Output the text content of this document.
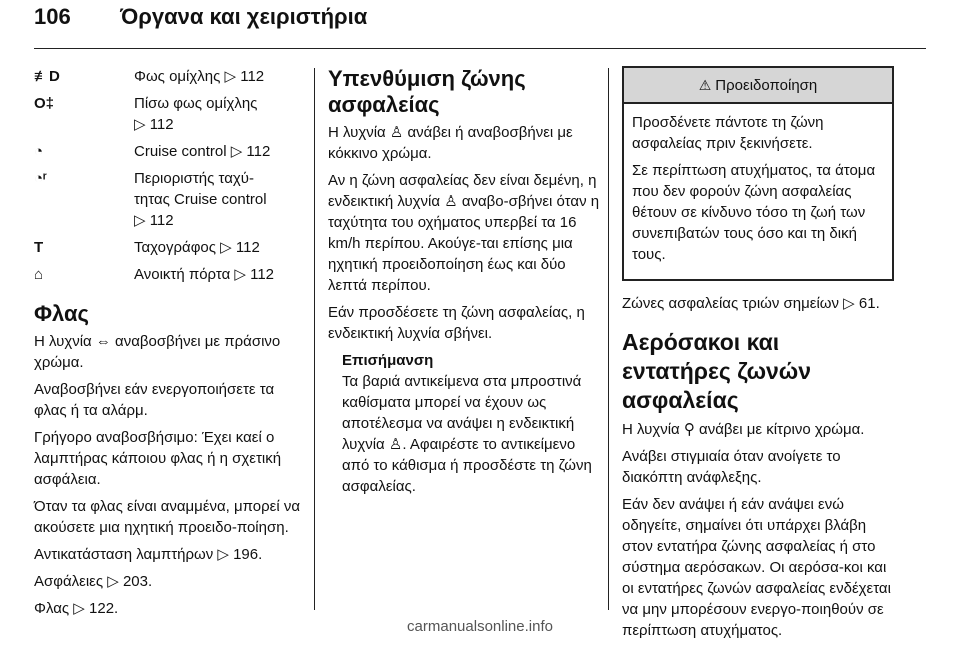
106 Όργανα και χειριστήρια
≢D	Φως ομίχλης ▷ 112
O‡	Πίσω φως ομίχλης
▷ 112
◔	Cruise control ▷ 112
◔ʳ	Περιοριστής ταχύ-
τητας Cruise control
▷ 112
T	Ταχογράφος ▷ 112
⌂	Ανοικτή πόρτα ▷ 112
Φλας

Η λυχνία ⇔ αναβοσβήνει με πράσινο χρώμα.

Αναβοσβήνει εάν ενεργοποιήσετε τα φλας ή τα αλάρμ.

Γρήγορο αναβοσβήσιμο: Έχει καεί ο λαμπτήρας κάποιου φλας ή η σχετική ασφάλεια.

Όταν τα φλας είναι αναμμένα, μπορεί να ακούσετε μια ηχητική προειδο-ποίηση.

Αντικατάσταση λαμπτήρων ▷ 196.

Ασφάλειες ▷ 203.

Φλας ▷ 122.

Υπενθύμιση ζώνης ασφαλείας

Η λυχνία ♙ ανάβει ή αναβοσβήνει με κόκκινο χρώμα.

Αν η ζώνη ασφαλείας δεν είναι δεμένη, η ενδεικτική λυχνία ♙ αναβο-σβήνει όταν η ταχύτητα του οχήματος υπερβεί τα 16 km/h περίπου. Ακούγε-ται επίσης μια ηχητική προειδοποίηση έως και δύο λεπτά περίπου.

Εάν προσδέσετε τη ζώνη ασφαλείας, η ενδεικτική λυχνία σβήνει.

Επισήμανση
Τα βαριά αντικείμενα στα μπροστινά καθίσματα μπορεί να έχουν ως αποτέλεσμα να ανάψει η ενδεικτική λυχνία ♙. Αφαιρέστε το αντικείμενο από το κάθισμα ή προσδέστε τη ζώνη ασφαλείας.
⚠ Προειδοποίηση

Προσδένετε πάντοτε τη ζώνη ασφαλείας πριν ξεκινήσετε.

Σε περίπτωση ατυχήματος, τα άτομα που δεν φορούν ζώνη ασφαλείας θέτουν σε κίνδυνο τόσο τη ζωή των συνεπιβατών τους όσο και τη δική τους.

Ζώνες ασφαλείας τριών σημείων ▷ 61.

Αερόσακοι και εντατήρες ζωνών ασφαλείας

Η λυχνία ⚲ ανάβει με κίτρινο χρώμα.

Ανάβει στιγμιαία όταν ανοίγετε το διακόπτη ανάφλεξης.

Εάν δεν ανάψει ή εάν ανάψει ενώ οδηγείτε, σημαίνει ότι υπάρχει βλάβη στον εντατήρα ζώνης ασφαλείας ή στο σύστημα αερόσακων. Οι αερόσα-κοι και οι εντατήρες ζωνών ασφαλείας ενδέχεται να μην μπορέσουν ενεργο-ποιηθούν σε περίπτωση ατυχήματος.

carmanualsonline.info
